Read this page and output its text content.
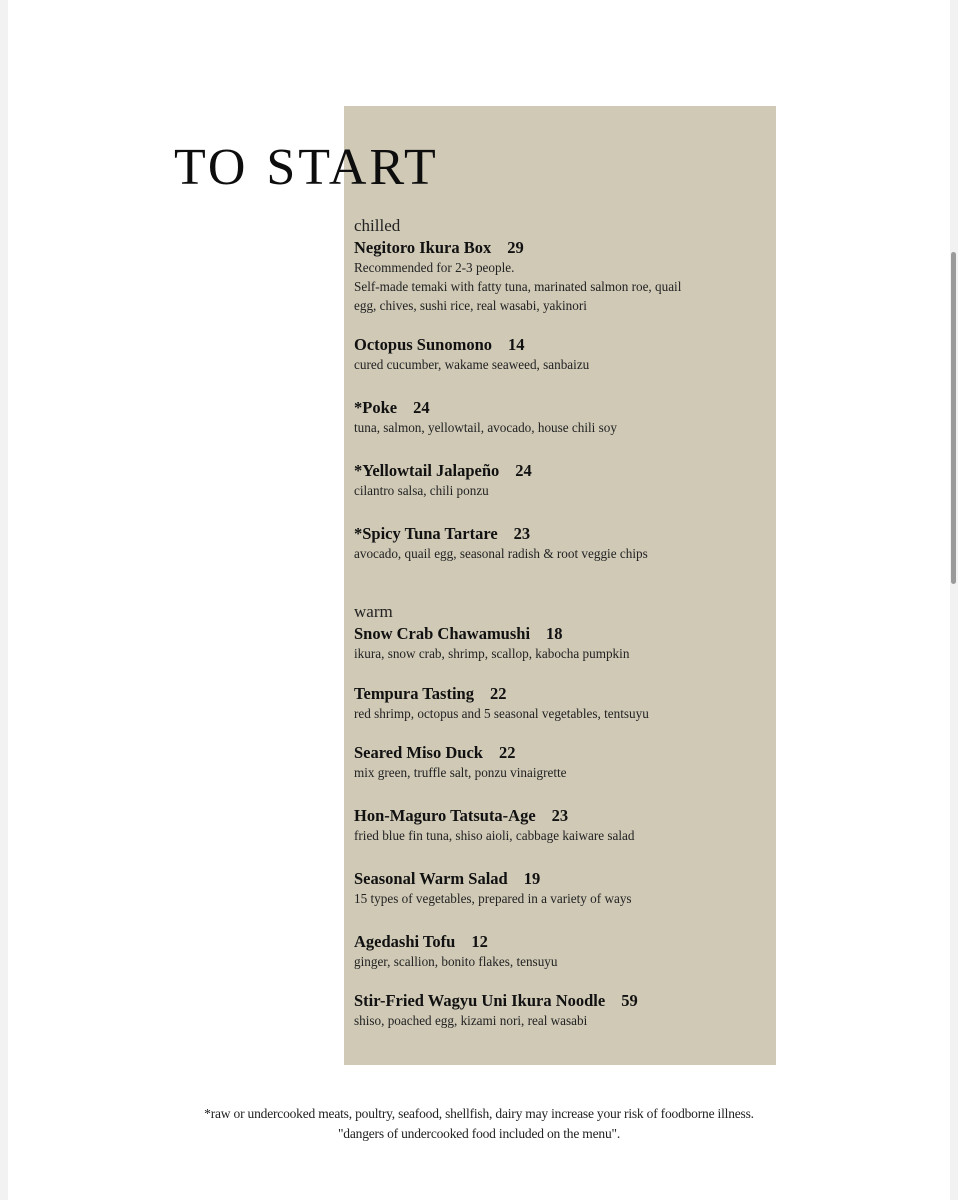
TO START
chilled
Negitoro Ikura Box 29
Recommended for 2-3 people.
Self-made temaki with fatty tuna, marinated salmon roe, quail
egg, chives, sushi rice, real wasabi, yakinori
Octopus Sunomono 14
cured cucumber, wakame seaweed, sanbaizu
*Poke 24
tuna, salmon, yellowtail, avocado, house chili soy
*Yellowtail Jalapeño 24
cilantro salsa, chili ponzu
*Spicy Tuna Tartare 23
avocado, quail egg, seasonal radish & root veggie chips
warm
Snow Crab Chawamushi 18
ikura, snow crab, shrimp, scallop, kabocha pumpkin
Tempura Tasting 22
red shrimp, octopus and 5 seasonal vegetables, tentsuyu
Seared Miso Duck 22
mix green, truffle salt, ponzu vinaigrette
Hon-Maguro Tatsuta-Age 23
fried blue fin tuna, shiso aioli, cabbage kaiware salad
Seasonal Warm Salad 19
15 types of vegetables, prepared in a variety of ways
Agedashi Tofu 12
ginger, scallion, bonito flakes, tensuyu
Stir-Fried Wagyu Uni Ikura Noodle 59
shiso, poached egg, kizami nori, real wasabi
*raw or undercooked meats, poultry, seafood, shellfish, dairy may increase your risk of foodborne illness.
"dangers of undercooked food included on the menu".
